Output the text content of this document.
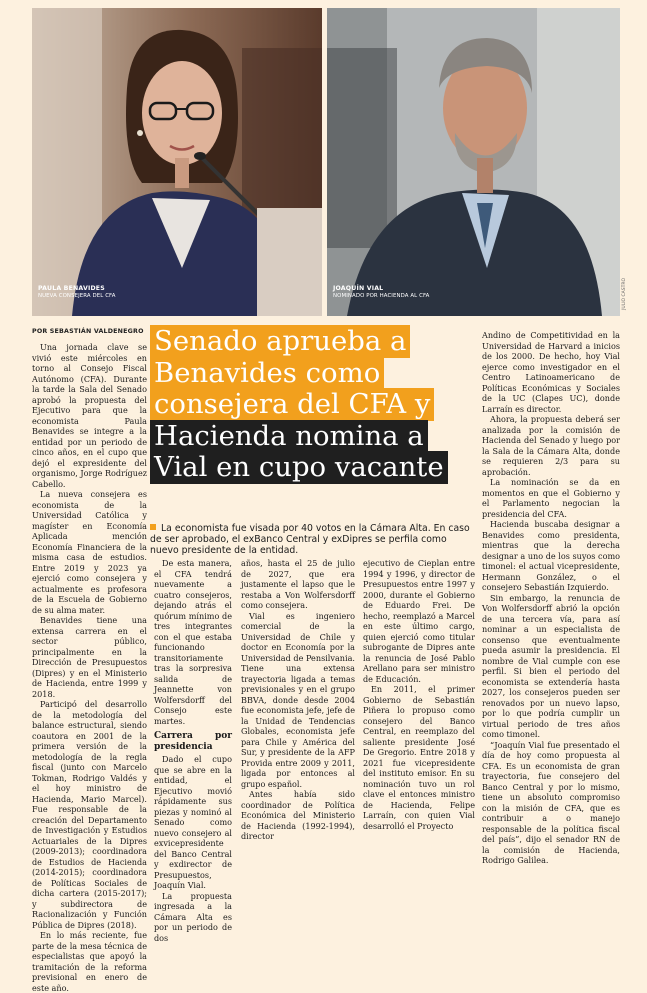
PAULA BENAVIDES
NUEVA CONSEJERA DEL CFA
JOAQUÍN VIAL
NOMINADO POR HACIENDA AL CFA	JULIO CASTRO
POR SEBASTIÁN VALDENEGRO

Una jornada clave se vivió este miércoles en torno al Consejo Fiscal Autónomo (CFA). Durante la tarde la Sala del Senado aprobó la propuesta del Ejecutivo para que la economista Paula Benavides se integre a la entidad por un periodo de cinco años, en el cupo que dejó el expresidente del organismo, Jorge Rodríguez Cabello.

La nueva consejera es economista de la Universidad Católica y magíster en Economía Aplicada mención Economía Financiera de la misma casa de estudios. Entre 2019 y 2023 ya ejerció como consejera y actualmente es profesora de la Escuela de Gobierno de su alma mater.

Benavides tiene una extensa carrera en el sector público, principalmente en la Dirección de Presupuestos (Dipres) y en el Ministerio de Hacienda, entre 1999 y 2018.

Participó del desarrollo de la metodología del balance estructural, siendo coautora en 2001 de la primera versión de la metodología de la regla fiscal (junto con Marcelo Tokman, Rodrigo Valdés y el hoy ministro de Hacienda, Mario Marcel). Fue responsable de la creación del Departamento de Investigación y Estudios Actuariales de la Dipres (2009-2013); coordinadora de Estudios de Hacienda (2014-2015); coordinadora de Políticas Sociales de dicha cartera (2015-2017); y subdirectora de Racionalización y Función Pública de Dipres (2018).

En lo más reciente, fue parte de la mesa técnica de especialistas que apoyó la tramitación de la reforma previsional en enero de este año.

Senado aprueba a
Benavides como
consejera del CFA y
Hacienda nomina a
Vial en cupo vacante
La economista fue visada por 40 votos en la Cámara Alta. En caso de ser aprobado, el exBanco Central y exDipres se perfila como nuevo presidente de la entidad.

De esta manera, el CFA tendrá nuevamente a cuatro consejeros, dejando atrás el quórum mínimo de tres integrantes con el que estaba funcionando transitoriamente tras la sorpresiva salida de Jeannette von Wolfersdorff del Consejo este martes.

Carrera por presidencia

Dado el cupo que se abre en la entidad, el Ejecutivo movió rápidamente sus piezas y nominó al Senado como nuevo consejero al exvicepresidente del Banco Central y exdirector de Presupuestos, Joaquín Vial.

La propuesta ingresada a la Cámara Alta es por un periodo de dos

años, hasta el 25 de julio de 2027, que era justamente el lapso que le restaba a Von Wolfersdorff como consejera.

Vial es ingeniero comercial de la Universidad de Chile y doctor en Economía por la Universidad de Pensilvania. Tiene una extensa trayectoria ligada a temas previsionales y en el grupo BBVA, donde desde 2004 fue economista jefe, jefe de la Unidad de Tendencias Globales, economista jefe para Chile y América del Sur, y presidente de la AFP Provida entre 2009 y 2011, ligada por entonces al grupo español.

Antes había sido coordinador de Política Económica del Ministerio de Hacienda (1992-1994), director

ejecutivo de Cieplan entre 1994 y 1996, y director de Presupuestos entre 1997 y 2000, durante el Gobierno de Eduardo Frei. De hecho, reemplazó a Marcel en este último cargo, quien ejerció como titular subrogante de Dipres ante la renuncia de José Pablo Arellano para ser ministro de Educación.

En 2011, el primer Gobierno de Sebastián Piñera lo propuso como consejero del Banco Central, en reemplazo del saliente presidente José De Gregorio. Entre 2018 y 2021 fue vicepresidente del instituto emisor. En su nominación tuvo un rol clave el entonces ministro de Hacienda, Felipe Larraín, con quien Vial desarrolló el Proyecto

Andino de Competitividad en la Universidad de Harvard a inicios de los 2000. De hecho, hoy Vial ejerce como investigador en el Centro Latinoamericano de Políticas Económicas y Sociales de la UC (Clapes UC), donde Larraín es director.

Ahora, la propuesta deberá ser analizada por la comisión de Hacienda del Senado y luego por la Sala de la Cámara Alta, donde se requieren 2/3 para su aprobación.

La nominación se da en momentos en que el Gobierno y el Parlamento negocian la presidencia del CFA.

Hacienda buscaba designar a Benavides como presidenta, mientras que la derecha designar a uno de los suyos como timonel: el actual vicepresidente, Hermann González, o el consejero Sebastián Izquierdo.

Sin embargo, la renuncia de Von Wolfersdorff abrió la opción de una tercera vía, para así nominar a un especialista de consenso que eventualmente pueda asumir la presidencia. El nombre de Vial cumple con ese perfil. Si bien el periodo del economista se extendería hasta 2027, los consejeros pueden ser renovados por un nuevo lapso, por lo que podría cumplir un virtual periodo de tres años como timonel.

“Joaquín Vial fue presentado el día de hoy como propuesta al CFA. Es un economista de gran trayectoria, fue consejero del Banco Central y por lo mismo, tiene un absoluto compromiso con la misión de CFA, que es contribuir a o manejo responsable de la política fiscal del país”, dijo el senador RN de la comisión de Hacienda, Rodrigo Galilea.
